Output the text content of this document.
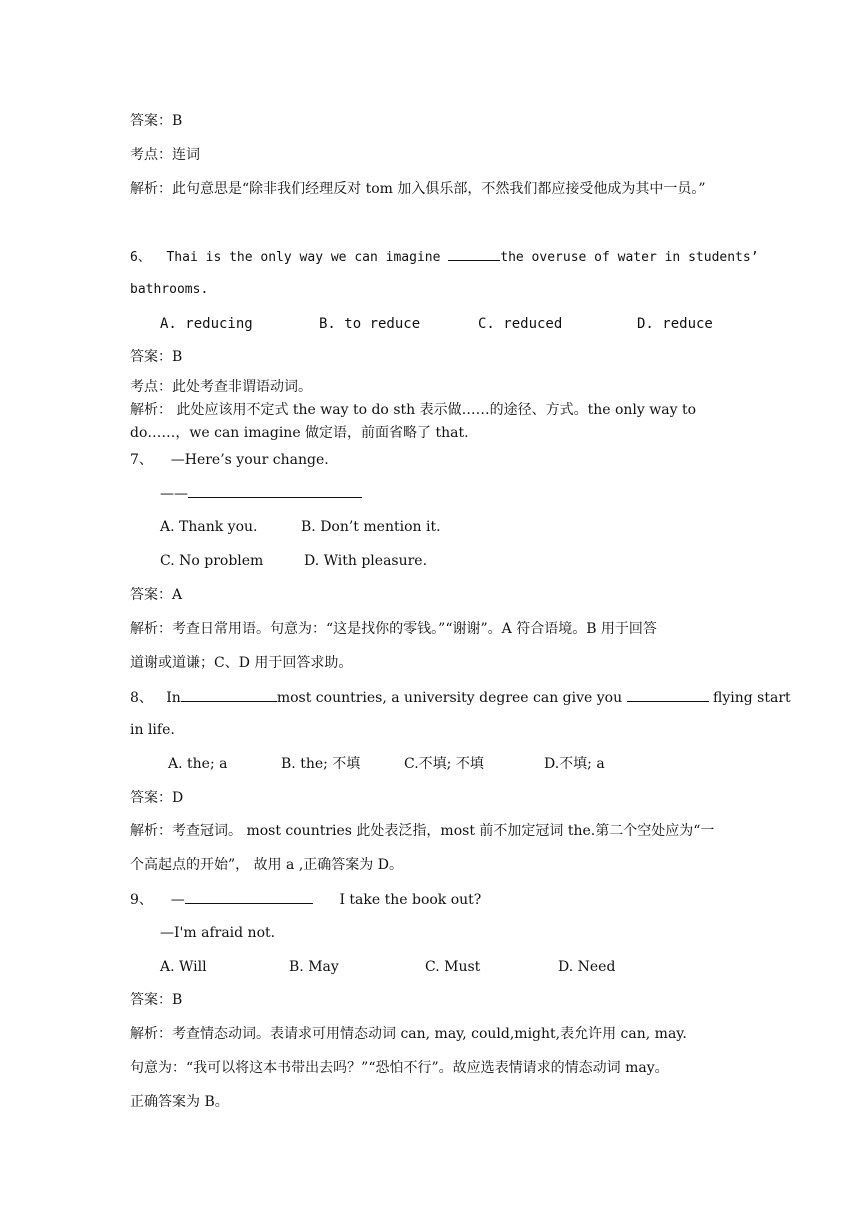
答案：B
考点：连词
解析：此句意思是“除非我们经理反对 tom 加入俱乐部，不然我们都应接受他成为其中一员。”
6、 Thai is the only way we can imagine	the overuse of water in students’
bathrooms.
A. reducing	B. to reduce	C. reduced	D. reduce
答案：B
考点：此处考查非谓语动词。
解析： 此处应该用不定式 the way to do sth 表示做……的途径、方式。the only way to
do……，we can imagine 做定语，前面省略了 that.
7、 —Here’s your change.
——
A. Thank you.	B. Don’t mention it.
C. No problem	D. With pleasure.
答案：A
解析：考查日常用语。句意为：“这是找你的零钱。”“谢谢”。A 符合语境。B 用于回答
道谢或道谦；C、D 用于回答求助。
8、 In	most countries, a university degree can give you	flying start
in life.
A. the; a	B. the; 不填	C.不填; 不填	D.不填; a
答案：D
解析：考查冠词。 most countries 此处表泛指，most 前不加定冠词 the.第二个空处应为“一
个高起点的开始”， 故用 a ,正确答案为 D。
9、 —	I take the book out?
—I'm afraid not.
A. Will	B. May	C. Must	D. Need
答案：B
解析：考查情态动词。表请求可用情态动词 can, may, could,might,表允许用 can, may.
句意为：“我可以将这本书带出去吗？”“恐怕不行”。故应选表情请求的情态动词 may。
正确答案为 B。
